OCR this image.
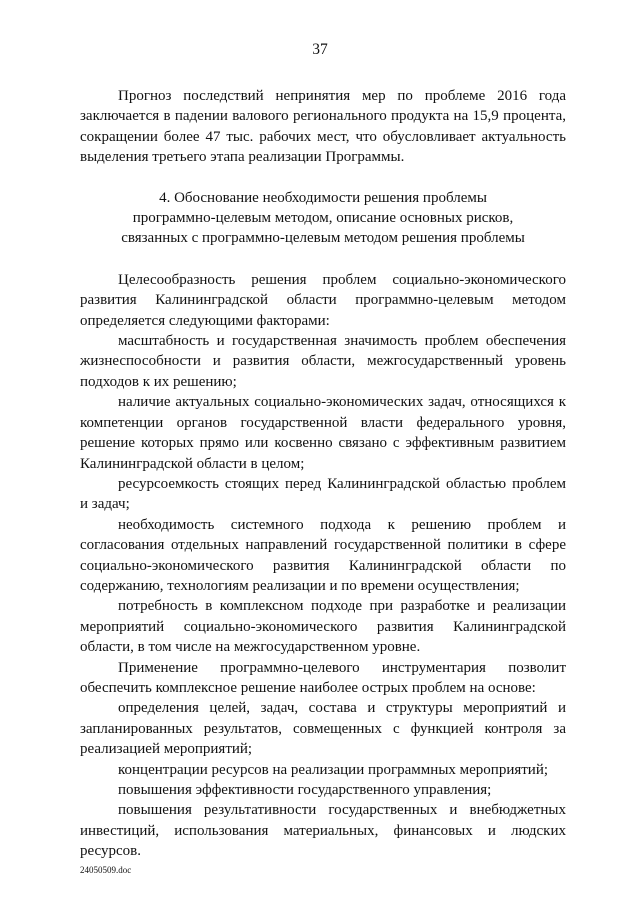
37

Прогноз последствий непринятия мер по проблеме 2016 года заключается в падении валового регионального продукта на 15,9 процента, сокращении более 47 тыс. рабочих мест, что обусловливает актуальность выделения третьего этапа реализации Программы.

4. Обоснование необходимости решения проблемы
программно-целевым методом, описание основных рисков,
связанных с программно-целевым методом решения проблемы

Целесообразность решения проблем социально-экономического развития Калининградской области программно-целевым методом определяется следующими факторами:

масштабность и государственная значимость проблем обеспечения жизнеспособности и развития области, межгосударственный уровень подходов к их решению;

наличие актуальных социально-экономических задач, относящихся к компетенции органов государственной власти федерального уровня, решение которых прямо или косвенно связано с эффективным развитием Калининградской области в целом;

ресурсоемкость стоящих перед Калининградской областью проблем и задач;

необходимость системного подхода к решению проблем и согласования отдельных направлений государственной политики в сфере социально-экономического развития Калининградской области по содержанию, технологиям реализации и по времени осуществления;

потребность в комплексном подходе при разработке и реализации мероприятий социально-экономического развития Калининградской области, в том числе на межгосударственном уровне.

Применение программно-целевого инструментария позволит обеспечить комплексное решение наиболее острых проблем на основе:

определения целей, задач, состава и структуры мероприятий и запланированных результатов, совмещенных с функцией контроля за реализацией мероприятий;

концентрации ресурсов на реализации программных мероприятий;

повышения эффективности государственного управления;

повышения результативности государственных и внебюджетных инвестиций, использования материальных, финансовых и людских ресурсов.

24050509.doc
